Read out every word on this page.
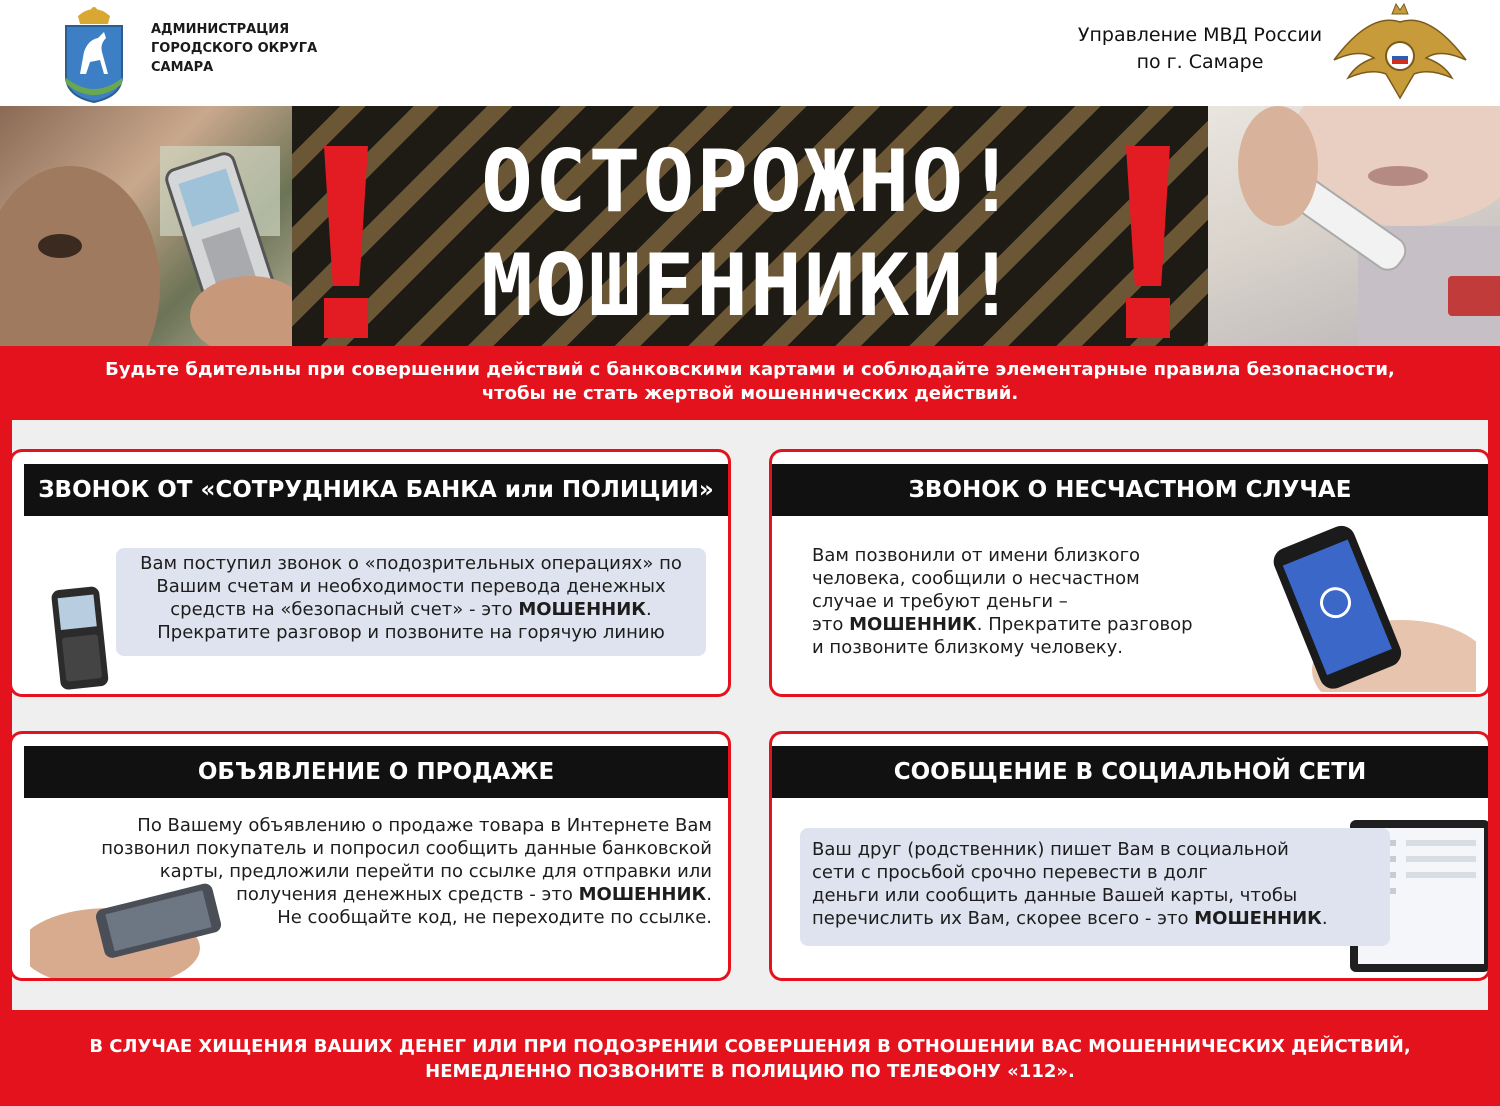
АДМИНИСТРАЦИЯ
ГОРОДСКОГО ОКРУГА
САМАРА
Управление МВД России
по г. Самаре
ОСТОРОЖНО!
МОШЕННИКИ!
Будьте бдительны при совершении действий с банковскими картами и соблюдайте элементарные правила безопасности,
чтобы не стать жертвой мошеннических действий.
ЗВОНОК ОТ «СОТРУДНИКА БАНКА или ПОЛИЦИИ»
Вам поступил звонок о «подозрительных операциях» по
Вашим счетам и необходимости перевода денежных
средств на «безопасный счет» - это МОШЕННИК.
Прекратите разговор и позвоните на горячую линию
ЗВОНОК О НЕСЧАСТНОМ СЛУЧАЕ
Вам позвонили от имени близкого
человека, сообщили о несчастном
случае и требуют деньги –
это МОШЕННИК. Прекратите разговор
и позвоните близкому человеку.
ОБЪЯВЛЕНИЕ О ПРОДАЖЕ
По Вашему объявлению о продаже товара в Интернете Вам
позвонил покупатель и попросил сообщить данные банковской
карты, предложили перейти по ссылке для отправки или
получения денежных средств - это МОШЕННИК.
Не сообщайте код, не переходите по ссылке.
СООБЩЕНИЕ В СОЦИАЛЬНОЙ СЕТИ
Ваш друг (родственник) пишет Вам в социальной
сети с просьбой срочно перевести в долг
деньги или сообщить данные Вашей карты, чтобы
перечислить их Вам, скорее всего - это МОШЕННИК.
В СЛУЧАЕ ХИЩЕНИЯ ВАШИХ ДЕНЕГ ИЛИ ПРИ ПОДОЗРЕНИИ СОВЕРШЕНИЯ В ОТНОШЕНИИ ВАС МОШЕННИЧЕСКИХ ДЕЙСТВИЙ,
НЕМЕДЛЕННО ПОЗВОНИТЕ В ПОЛИЦИЮ ПО ТЕЛЕФОНУ «112».
